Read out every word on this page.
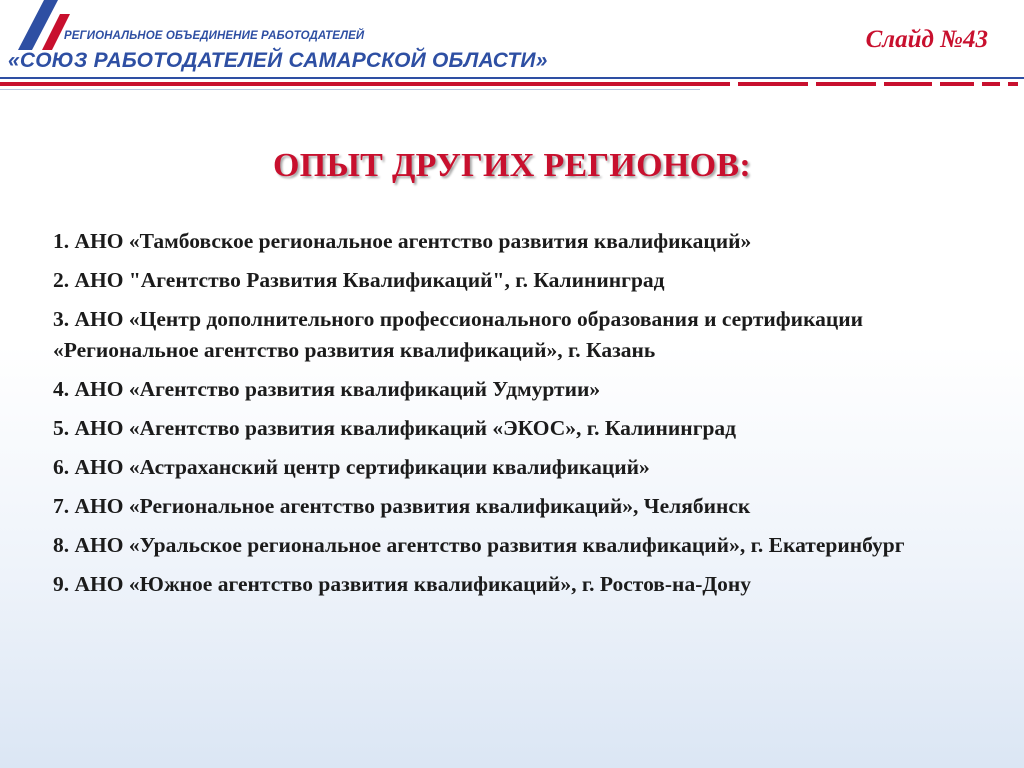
РЕГИОНАЛЬНОЕ ОБЪЕДИНЕНИЕ РАБОТОДАТЕЛЕЙ
«СОЮЗ РАБОТОДАТЕЛЕЙ САМАРСКОЙ ОБЛАСТИ»
Слайд №43
ОПЫТ ДРУГИХ РЕГИОНОВ:
1. АНО «Тамбовское региональное агентство развития квалификаций»
2. АНО "Агентство Развития Квалификаций", г. Калининград
3. АНО «Центр дополнительного профессионального образования и сертификации «Региональное агентство развития квалификаций», г. Казань
4. АНО «Агентство развития квалификаций Удмуртии»
5. АНО «Агентство развития квалификаций «ЭКОС», г. Калининград
6. АНО «Астраханский центр сертификации квалификаций»
7. АНО «Региональное агентство развития квалификаций», Челябинск
8. АНО «Уральское региональное агентство развития квалификаций», г. Екатеринбург
9. АНО «Южное агентство развития квалификаций», г. Ростов-на-Дону
